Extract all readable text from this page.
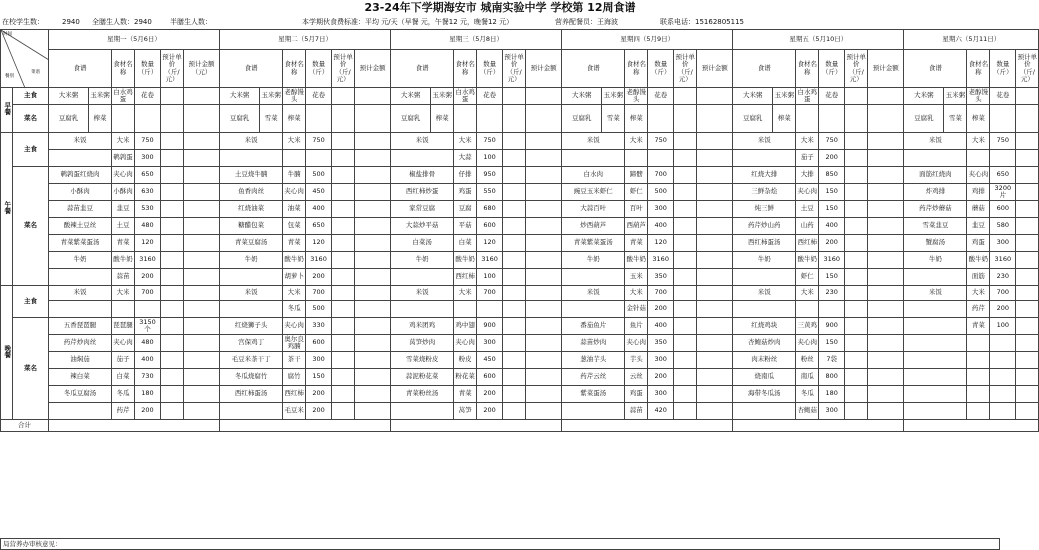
23-24年下学期海安市 城南实验中学 学校第 12周食谱
在校学生数：	2940 全膳生人数：2940	半膳生人数：	本学期伙食费标准：平均 元/天（早餐 元，午餐12 元，晚餐12 元）	营养配餐员：王海波	联系电话：15162805115
时间
菜谱
餐别		星期一（5月6日）						星期二（5月7日）						星期三（5月8日）						星期四（5月9日）						星期五（5月10日）						星期六（5月11日）					
		食谱		食材名称	数量（斤）	预计单价（斤/元）	预计金额（元）	食谱		食材名称	数量（斤）	预计单价（斤/元）	预计金额	食谱		食材名称	数量（斤）	预计单价（斤/元）	预计金额	食谱		食材名称	数量（斤）	预计单价（斤/元）	预计金额	食谱		食材名称	数量（斤）	预计单价（斤/元）	预计金额	食谱		食材名称	数量（斤）	预计单价（斤/元）	
早餐	主食	大米粥	玉米粥	白水鸡蛋	花卷			大米粥	玉米粥	老醇馒头	花卷			大米粥	玉米粥	白水鸡蛋	花卷			大米粥	玉米粥	老醇馒头	花卷			大米粥	玉米粥	白水鸡蛋	花卷			大米粥	玉米粥	老醇馒头	花卷		
	菜名	豆腐乳	榨菜					豆腐乳	雪菜	榨菜				豆腐乳	榨菜					豆腐乳	雪菜	榨菜				豆腐乳	榨菜					豆腐乳	雪菜	榨菜			
午餐	主食	米饭		大米	750			米饭		大米	750			米饭		大米	750			米饭		大米	750			米饭		大米	750			米饭		大米	750		
				鹌鹑蛋	300											大蒜	100											茄子	200								
	菜名	鹌鹑蛋红烧肉		夹心肉	650			土豆烧牛腩		牛腩	500			椒盐排骨		仔排	950			白水肉		蹄髈	700			红烧大排		大排	850			面筋红烧肉		夹心肉	650		
		小酥肉		小酥肉	630			鱼香肉丝		夹心肉	450			西红柿炒蛋		鸡蛋	550			豌豆玉米虾仁		虾仁	500			三鲜杂烩		夹心肉	150			炸鸡排		鸡排	3200片		
		蒜苗韭豆		韭豆	530			红烧油菜		油菜	400			家常豆腐		豆腐	680			大蒜百叶		百叶	300			炖三鲜		土豆	150			药芹炒蘑菇		蘑菇	600		
		酸辣土豆丝		土豆	480			糖醋包菜		包菜	650			大蒜炒平菇		平菇	600			炒西葫芦		西葫芦	400			药芹炒山药		山药	400			雪菜韭豆		韭豆	580		
		青菜紫菜蛋汤		青菜	120			青菜豆腐汤		青菜	120			白菜汤		白菜	120			青菜紫菜蛋汤		青菜	120			西红柿蛋汤		西红柿	200			蟹腐汤		鸡蛋	300		
		牛奶		酸牛奶	3160			牛奶		酸牛奶	3160			牛奶		酸牛奶	3160			牛奶		酸牛奶	3160			牛奶		酸牛奶	3160			牛奶		酸牛奶	3160		
				蒜苗	200					胡萝卜	200					西红柿	100					玉米	350					虾仁	150					面筋	230		
晚餐	主食	米饭		大米	700			米饭		大米	700			米饭		大米	700			米饭		大米	700			米饭		大米	230			米饭		大米	700		
										冬瓜	500											金针菇	200											药芹	200		
	菜名	五香琵琶腿		琵琶腿	3150个			红烧狮子头		夹心肉	330			鸡米团鸡		鸡中翅	900			番茄鱼片		鱼片	400			红烧鸡块		三黄鸡	900					青菜	100		
		药芹炒肉丝		夹心肉	480			宫保鸡丁		奥尔良鸡腩	600			莴笋炒肉		夹心肉	300			蒜苗炒肉		夹心肉	350			杏鲍菇炒肉		夹心肉	150								
		油焖茄		茄子	400			毛豆米茶干丁		茶干	300			雪菜烧粉皮		粉皮	450			葱油芋头		芋头	300			肉末粉丝		粉丝	7袋								
		辣白菜		白菜	730			冬瓜烧腐竹		腐竹	150			蒜泥粉花菜		粉花菜	600			药芹云丝		云丝	200			烧南瓜		南瓜	800								
		冬瓜豆腐汤		冬瓜	180			西红柿蛋汤		西红柿	200			青菜粉丝汤		青菜	200			紫菜蛋汤		鸡蛋	300			海带冬瓜汤		冬瓜	180								
				药芹	200					毛豆米	200					莴笋	200					蒜苗	420					杏鲍菇	300								
合计																																					
局营养办审核意见：
